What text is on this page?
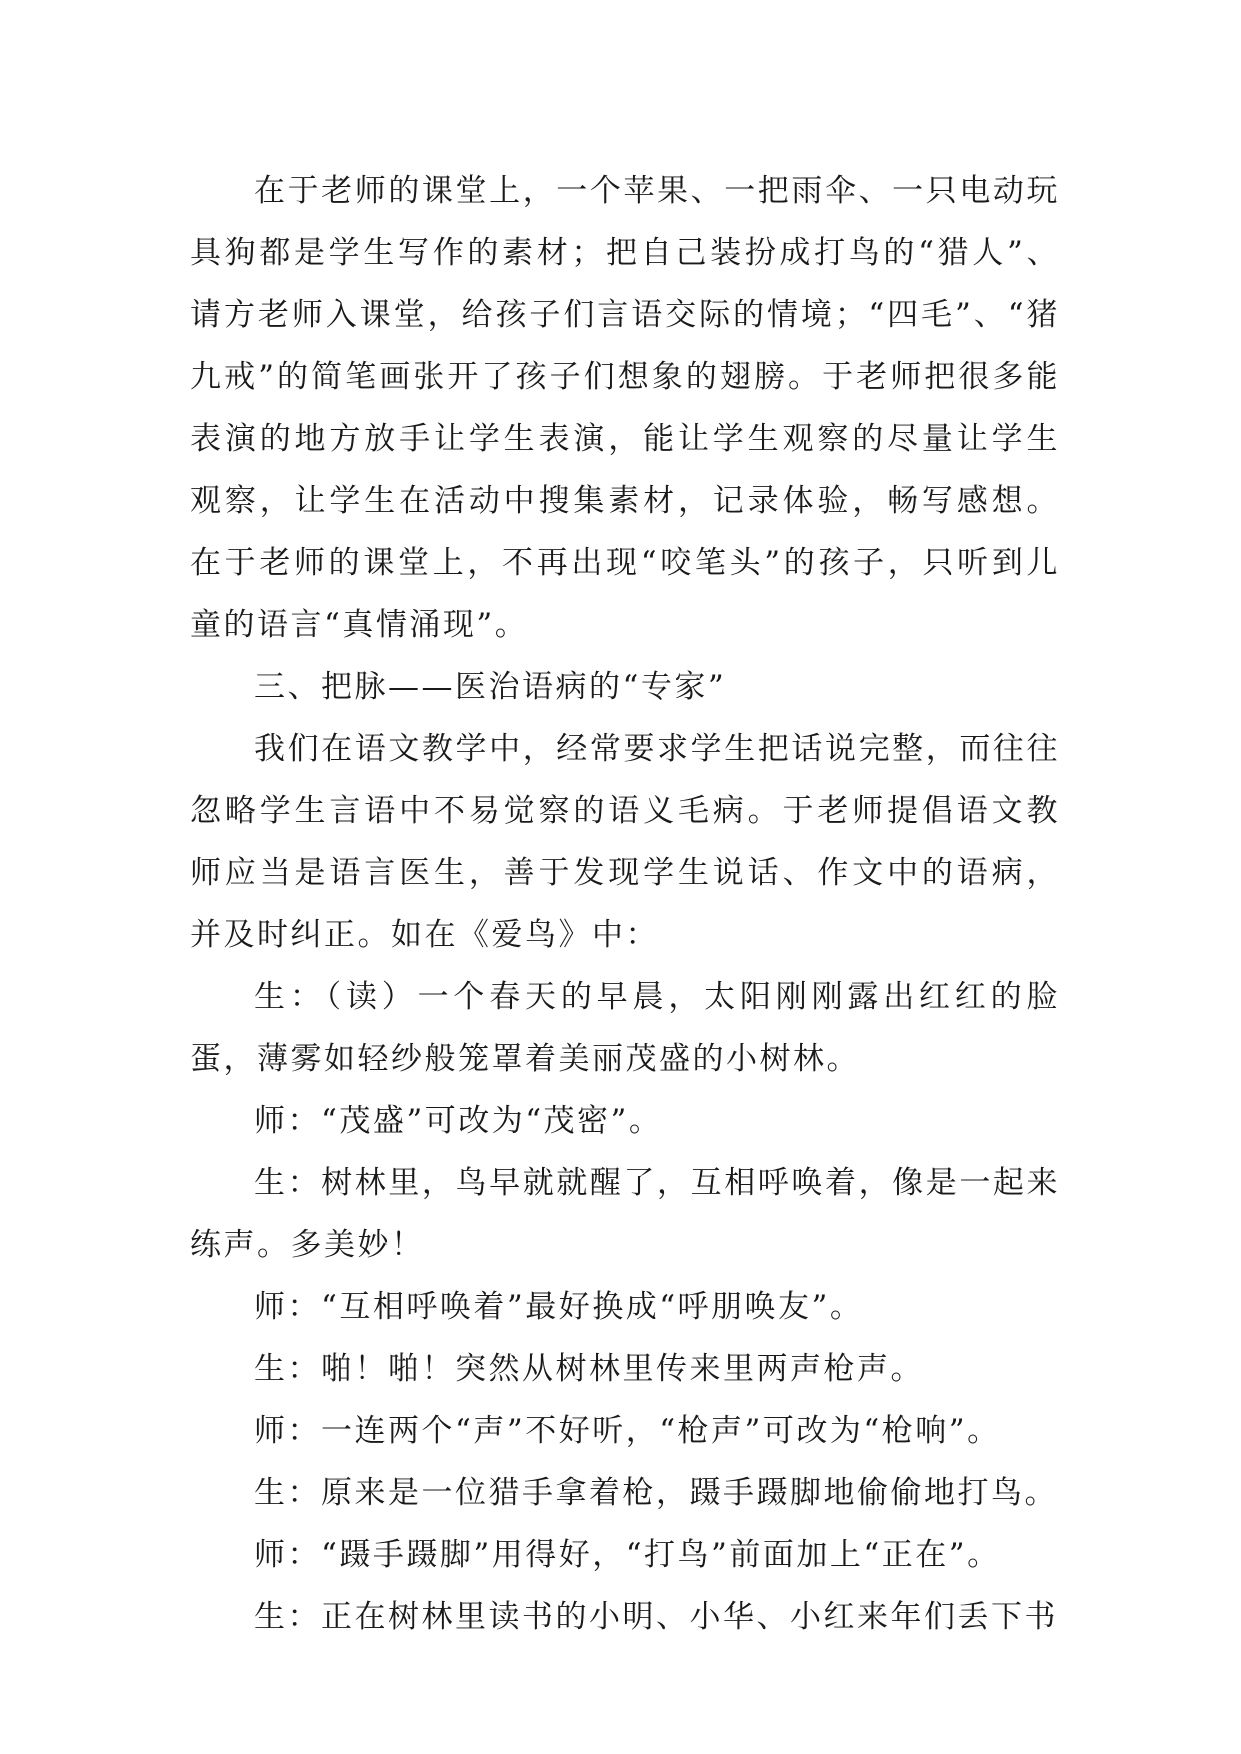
在于老师的课堂上，一个苹果、一把雨伞、一只电动玩具狗都是学生写作的素材；把自己装扮成打鸟的“猎人”、请方老师入课堂，给孩子们言语交际的情境；“四毛”、“猪九戒”的简笔画张开了孩子们想象的翅膀。于老师把很多能表演的地方放手让学生表演，能让学生观察的尽量让学生观察，让学生在活动中搜集素材，记录体验，畅写感想。在于老师的课堂上，不再出现“咬笔头”的孩子，只听到儿童的语言“真情涌现”。

三、把脉——医治语病的“专家”

我们在语文教学中，经常要求学生把话说完整，而往往忽略学生言语中不易觉察的语义毛病。于老师提倡语文教师应当是语言医生，善于发现学生说话、作文中的语病，并及时纠正。如在《爱鸟》中：

生：（读）一个春天的早晨，太阳刚刚露出红红的脸蛋，薄雾如轻纱般笼罩着美丽茂盛的小树林。

师：“茂盛”可改为“茂密”。

生：树林里，鸟早就就醒了，互相呼唤着，像是一起来练声。多美妙！

师：“互相呼唤着”最好换成“呼朋唤友”。

生：啪！啪！突然从树林里传来里两声枪声。

师：一连两个“声”不好听，“枪声”可改为“枪响”。

生：原来是一位猎手拿着枪，蹑手蹑脚地偷偷地打鸟。

师：“蹑手蹑脚”用得好，“打鸟”前面加上“正在”。

生：正在树林里读书的小明、小华、小红来年们丢下书
